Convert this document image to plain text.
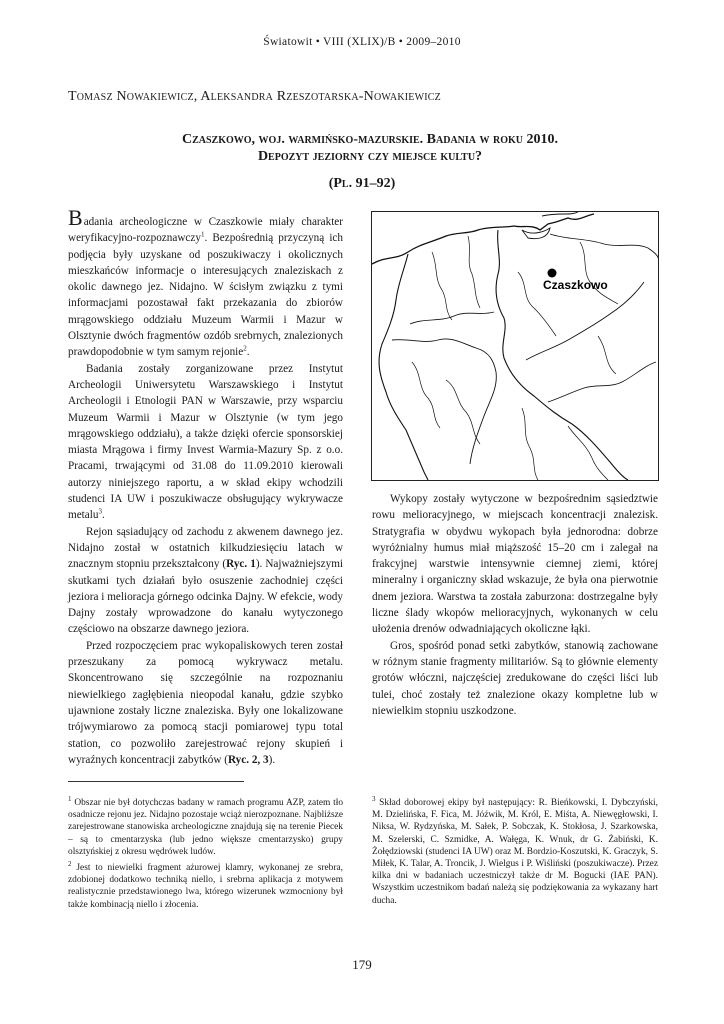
Światowit • VIII (XLIX)/B • 2009–2010
Tomasz Nowakiewicz, Aleksandra Rzeszotarska-Nowakiewicz
Czaszkowo, woj. warmińsko-mazurskie. Badania w roku 2010.
Depozyt jeziorny czy miejsce kultu?
(Pl. 91–92)

Badania archeologiczne w Czaszkowie miały charakter weryfikacyjno-rozpoznawczy$^1$. Bezpośrednią przyczyną ich podjęcia były uzyskane od poszukiwaczy i okolicznych mieszkańców informacje o interesujących znaleziskach z okolic dawnego jez. Nidajno. W ścisłym związku z tymi informacjami pozostawał fakt przekazania do zbiorów mrągowskiego oddziału Muzeum Warmii i Mazur w Olsztynie dwóch fragmentów ozdób srebrnych, znalezionych prawdopodobnie w tym samym rejonie$^2$.

Badania zostały zorganizowane przez Instytut Archeologii Uniwersytetu Warszawskiego i Instytut Archeologii i Etnologii PAN w Warszawie, przy wsparciu Muzeum Warmii i Mazur w Olsztynie (w tym jego mrągowskiego oddziału), a także dzięki ofercie sponsorskiej miasta Mrągowa i firmy Invest Warmia-Mazury Sp. z o.o. Pracami, trwającymi od 31.08 do 11.09.2010 kierowali autorzy niniejszego raportu, a w skład ekipy wchodzili studenci IA UW i poszukiwacze obsługujący wykrywacze metalu$^3$.

Rejon sąsiadujący od zachodu z akwenem dawnego jez. Nidajno został w ostatnich kilkudziesięciu latach w znacznym stopniu przekształcony (Ryc. 1). Najważniejszymi skutkami tych działań było osuszenie zachodniej części jeziora i melioracja górnego odcinka Dajny. W efekcie, wody Dajny zostały wprowadzone do kanału wytyczonego częściowo na obszarze dawnego jeziora.

Przed rozpoczęciem prac wykopaliskowych teren został przeszukany za pomocą wykrywacz metalu. Skoncentrowano się szczególnie na rozpoznaniu niewielkiego zagłębienia nieopodal kanału, gdzie szybko ujawnione zostały liczne znaleziska. Były one lokalizowane trójwymiarowo za pomocą stacji pomiarowej typu total station, co pozwoliło zarejestrować rejony skupień i wyraźnych koncentracji zabytków (Ryc. 2, 3).

Czaszkowo

Wykopy zostały wytyczone w bezpośrednim sąsiedztwie rowu melioracyjnego, w miejscach koncentracji znalezisk. Stratygrafia w obydwu wykopach była jednorodna: dobrze wyróżnialny humus miał miąższość 15–20 cm i zalegał na frakcyjnej warstwie intensywnie ciemnej ziemi, której mineralny i organiczny skład wskazuje, że była ona pierwotnie dnem jeziora. Warstwa ta została zaburzona: dostrzegalne były liczne ślady wkopów melioracyjnych, wykonanych w celu ułożenia drenów odwadniających okoliczne łąki.

Gros, spośród ponad setki zabytków, stanowią zachowane w różnym stanie fragmenty militariów. Są to głównie elementy grotów włóczni, najczęściej zredukowane do części liści lub tulei, choć zostały też znalezione okazy kompletne lub w niewielkim stopniu uszkodzone.

$^1$ Obszar nie był dotychczas badany w ramach programu AZP, zatem tło osadnicze rejonu jez. Nidajno pozostaje wciąż nierozpoznane. Najbliższe zarejestrowane stanowiska archeologiczne znajdują się na terenie Piecek – są to cmentarzyska (lub jedno większe cmentarzysko) grupy olsztyńskiej z okresu wędrówek ludów.

$^2$ Jest to niewielki fragment ażurowej klamry, wykonanej ze srebra, zdobionej dodatkowo techniką niello, i srebrna aplikacja z motywem realistycznie przedstawionego lwa, którego wizerunek wzmocniony był także kombinacją niello i złocenia.

$^3$ Skład doborowej ekipy był następujący: R. Bieńkowski, I. Dybczyński, M. Dzielińska, F. Fica, M. Jóźwik, M. Król, E. Miśta, A. Niewęgłowski, I. Niksa, W. Rydzyńska, M. Sałek, P. Sobczak, K. Stokłosa, J. Szarkowska, M. Szelerski, C. Szmidke, A. Wałęga, K. Wnuk, dr G. Żabiński, K. Żołędziowski (studenci IA UW) oraz M. Bordzio-Koszutski, K. Graczyk, S. Miłek, K. Talar, A. Troncik, J. Wielgus i P. Wiśliński (poszukiwacze). Przez kilka dni w badaniach uczestniczył także dr M. Bogucki (IAE PAN). Wszystkim uczestnikom badań należą się podziękowania za wykazany hart ducha.

179
